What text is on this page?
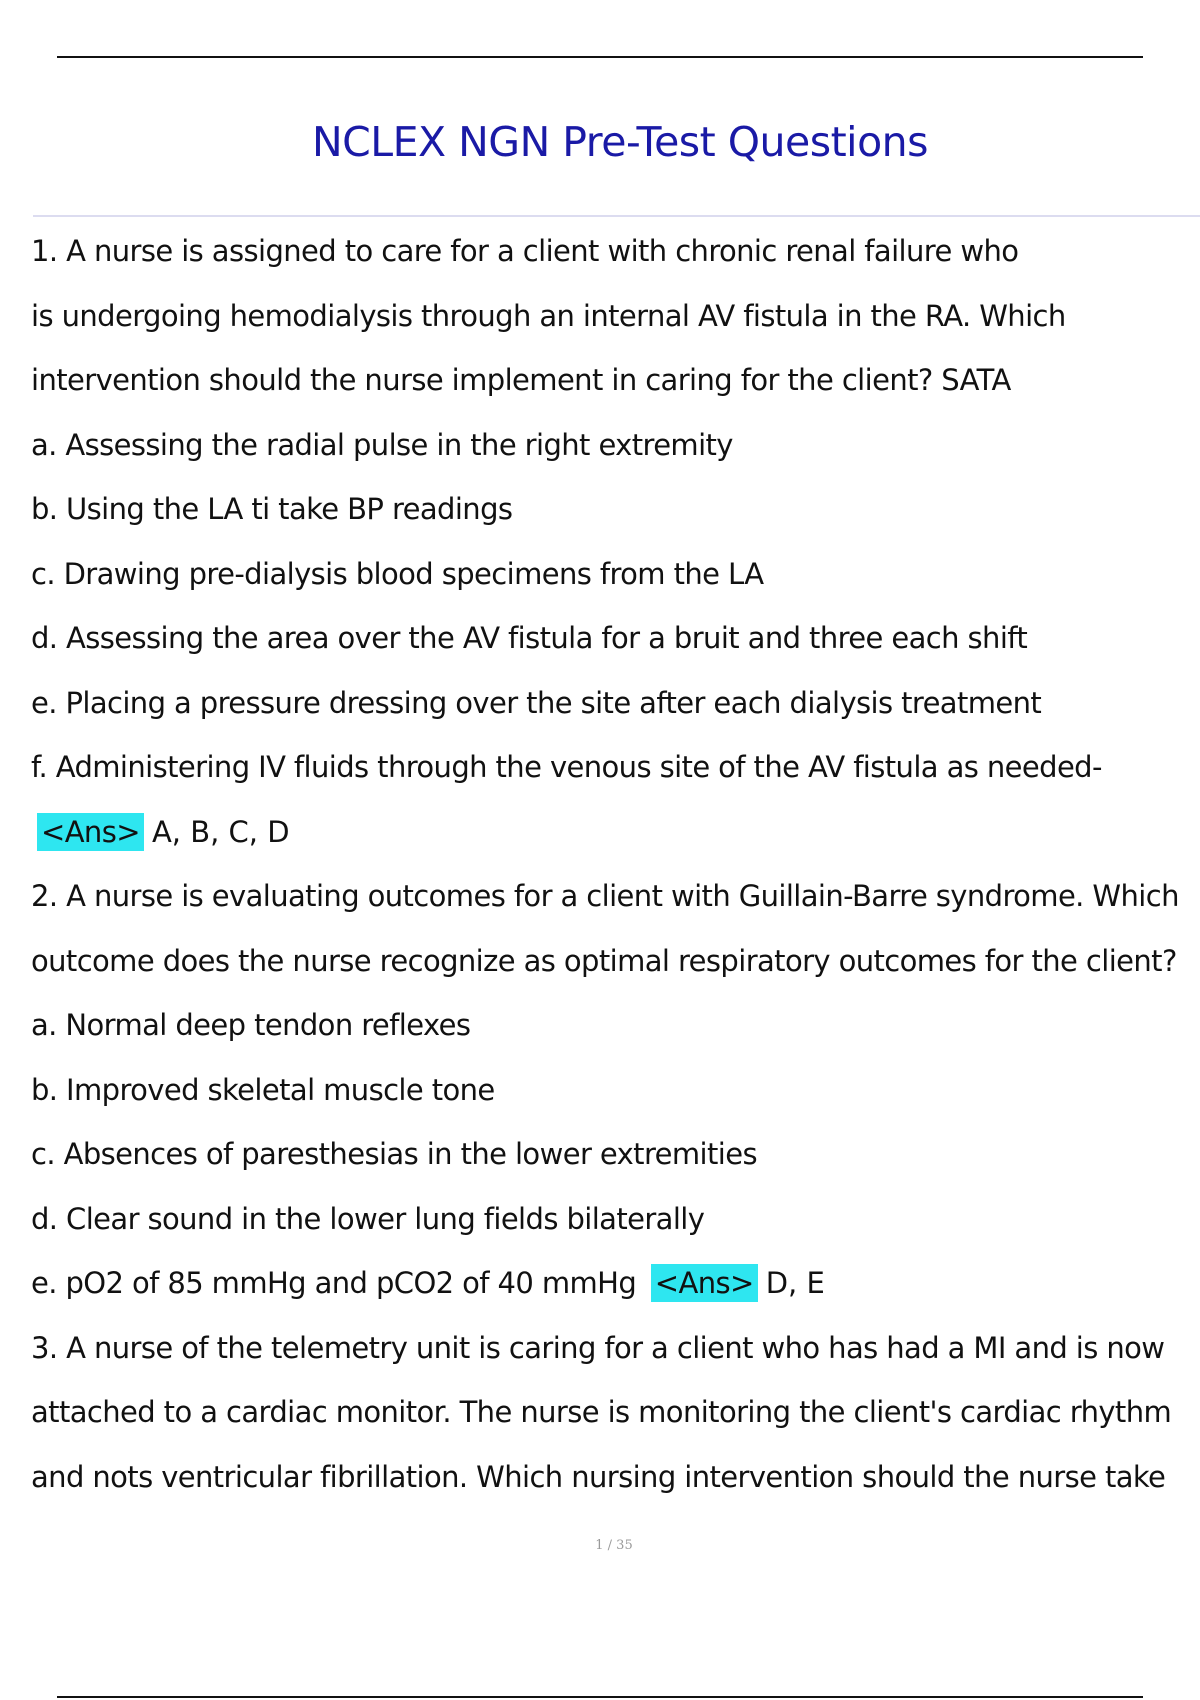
NCLEX NGN Pre-Test Questions
1. A nurse is assigned to care for a client with chronic renal failure who
is undergoing hemodialysis through an internal AV fistula in the RA. Which
intervention should the nurse implement in caring for the client? SATA
a. Assessing the radial pulse in the right extremity
b. Using the LA ti take BP readings
c. Drawing pre-dialysis blood specimens from the LA
d. Assessing the area over the AV fistula for a bruit and three each shift
e. Placing a pressure dressing over the site after each dialysis treatment
f. Administering IV fluids through the venous site of the AV fistula as needed-
<Ans> A, B, C, D
2. A nurse is evaluating outcomes for a client with Guillain-Barre syndrome. Which
outcome does the nurse recognize as optimal respiratory outcomes for the client?
a. Normal deep tendon reflexes
b. Improved skeletal muscle tone
c. Absences of paresthesias in the lower extremities
d. Clear sound in the lower lung fields bilaterally
e. pO2 of 85 mmHg and pCO2 of 40 mmHg <Ans> D, E
3. A nurse of the telemetry unit is caring for a client who has had a MI and is now
attached to a cardiac monitor. The nurse is monitoring the client's cardiac rhythm
and nots ventricular fibrillation. Which nursing intervention should the nurse take
1 / 35
